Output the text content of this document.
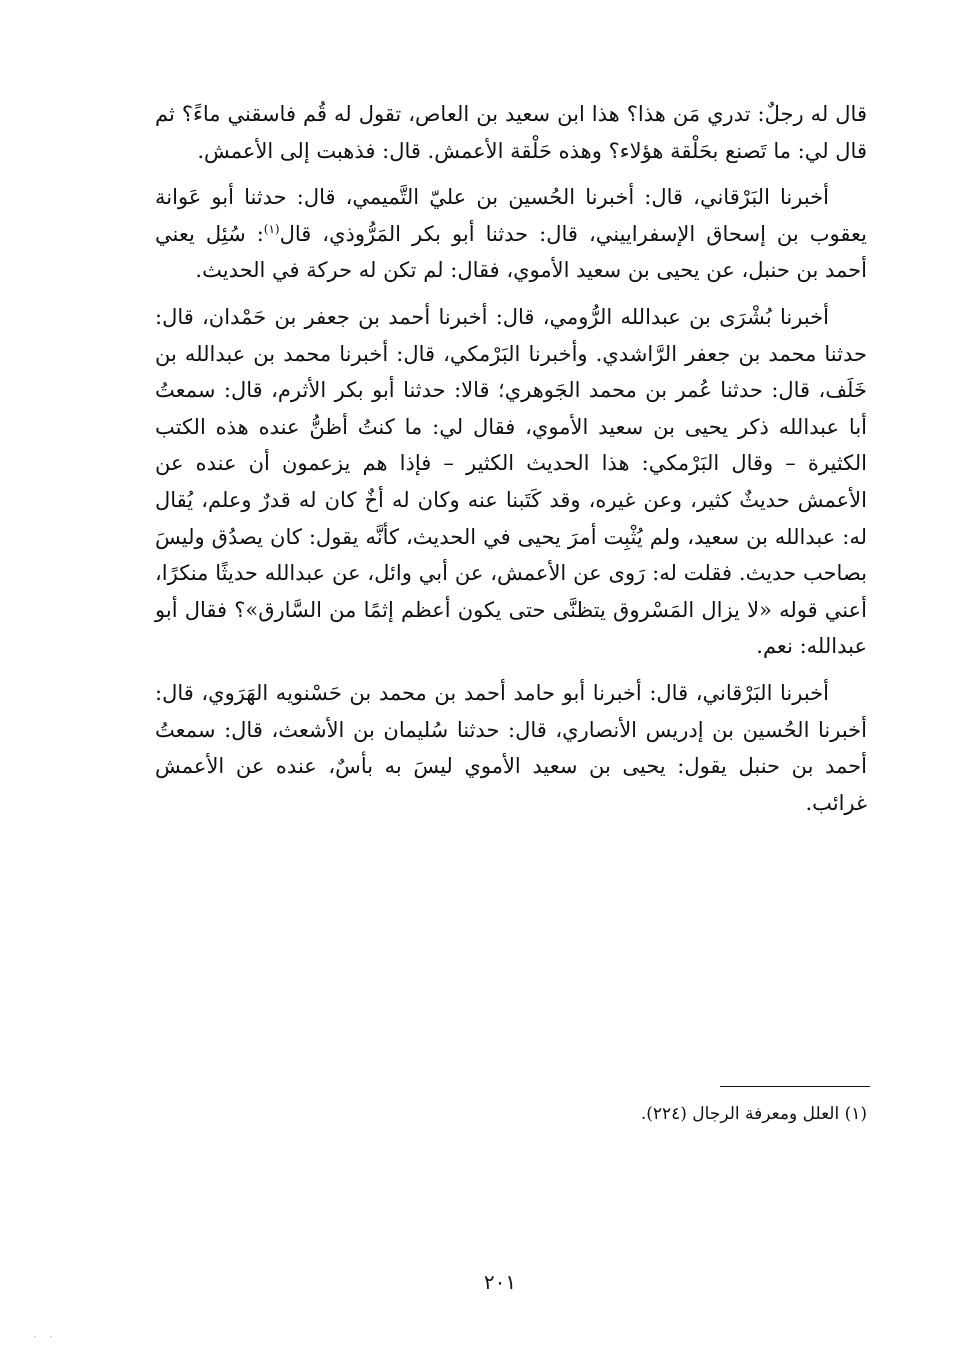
قال له رجلٌ: تدري مَن هذا؟ هذا ابن سعيد بن العاص، تقول له قُم فاسقني ماءً؟ ثم قال لي: ما تَصنع بحَلْقة هؤلاء؟ وهذه حَلْقة الأعمش. قال: فذهبت إلى الأعمش.

أخبرنا البَرْقاني، قال: أخبرنا الحُسين بن عليّ التَّميمي، قال: حدثنا أبو عَوانة يعقوب بن إسحاق الإسفراييني، قال: حدثنا أبو بكر المَرُّوذي، قال$^{(١)}$: سُئِل يعني أحمد بن حنبل، عن يحيى بن سعيد الأموي، فقال: لم تكن له حركة في الحديث.

أخبرنا بُشْرَى بن عبدالله الرُّومي، قال: أخبرنا أحمد بن جعفر بن حَمْدان، قال: حدثنا محمد بن جعفر الرَّاشدي. وأخبرنا البَرْمكي، قال: أخبرنا محمد بن عبدالله بن خَلَف، قال: حدثنا عُمر بن محمد الجَوهري؛ قالا: حدثنا أبو بكر الأثرم، قال: سمعتُ أبا عبدالله ذكر يحيى بن سعيد الأموي، فقال لي: ما كنتُ أظنُّ عنده هذه الكتب الكثيرة – وقال البَرْمكي: هذا الحديث الكثير – فإذا هم يزعمون أن عنده عن الأعمش حديثٌ كثير، وعن غيره، وقد كَتَبنا عنه وكان له أخٌ كان له قدرٌ وعلم، يُقال له: عبدالله بن سعيد، ولم يُثْبِت أمرَ يحيى في الحديث، كأنَّه يقول: كان يصدُق وليسَ بصاحب حديث. فقلت له: رَوى عن الأعمش، عن أبي وائل، عن عبدالله حديثًا منكرًا، أعني قوله «لا يزال المَسْروق يتظنَّى حتى يكون أعظم إثمًا من السَّارق»؟ فقال أبو عبدالله: نعم.

أخبرنا البَرْقاني، قال: أخبرنا أبو حامد أحمد بن محمد بن حَسْنويه الهَرَوي، قال: أخبرنا الحُسين بن إدريس الأنصاري، قال: حدثنا سُليمان بن الأشعث، قال: سمعتُ أحمد بن حنبل يقول: يحيى بن سعيد الأموي ليسَ به بأسٌ، عنده عن الأعمش غرائب.

(١) العلل ومعرفة الرجال (٢٢٤).
٢٠١
. .
